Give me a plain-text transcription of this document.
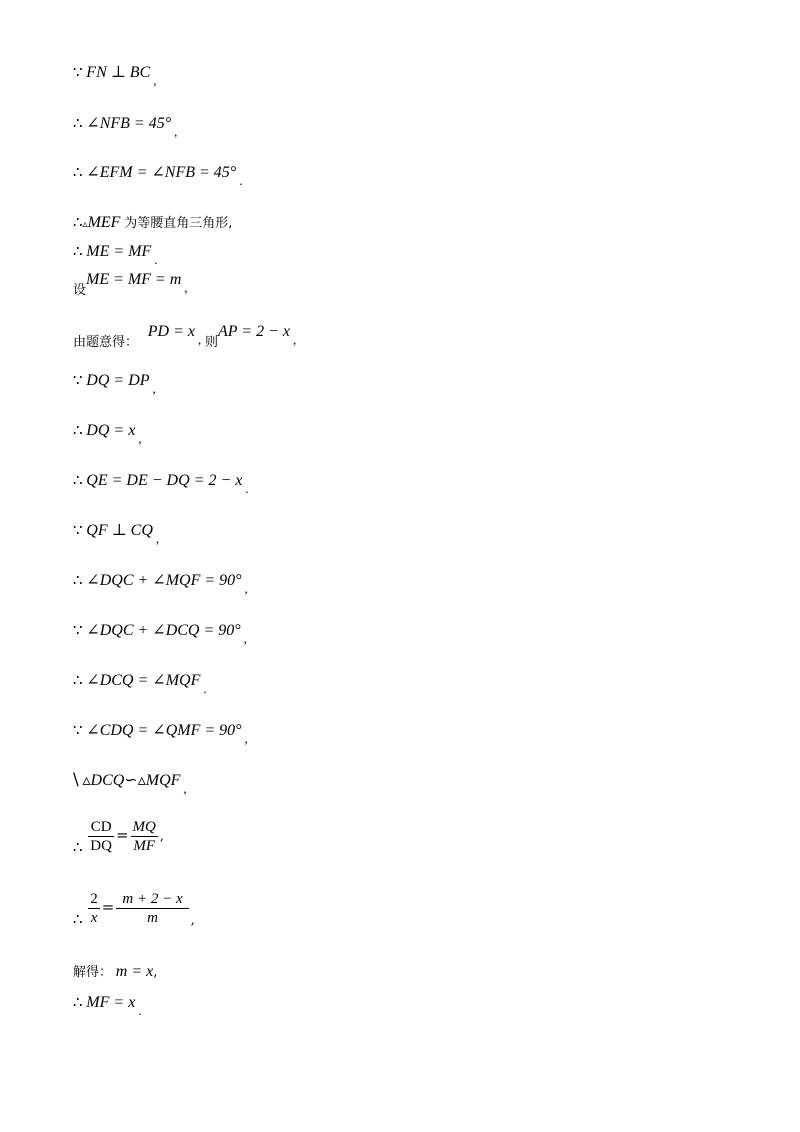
∵ FN ⊥ BC ,
∴ ∠NFB = 45° ,
∴ ∠EFM = ∠NFB = 45° .
∴▵MEF 为等腰直角三角形,
∴ ME = MF .
设ME = MF = m ,
由题意得： PD = x , 则AP = 2 − x ,
∵ DQ = DP ,
∴ DQ = x ,
∴ QE = DE − DQ = 2 − x .
∵ QF ⊥ CQ ,
∴ ∠DQC + ∠MQF = 90° ,
∵ ∠DQC + ∠DCQ = 90° ,
∴ ∠DCQ = ∠MQF .
∵ ∠CDQ = ∠QMF = 90° ,
\ ▵DCQ∽▵MQF ,
∴ $\frac{CD}{DQ} = \frac{MQ}{MF}$ ,
∴ $\frac{2}{x} = \frac{m + 2 - x}{m}$ ,
解得： m = x,
∴ MF = x .
